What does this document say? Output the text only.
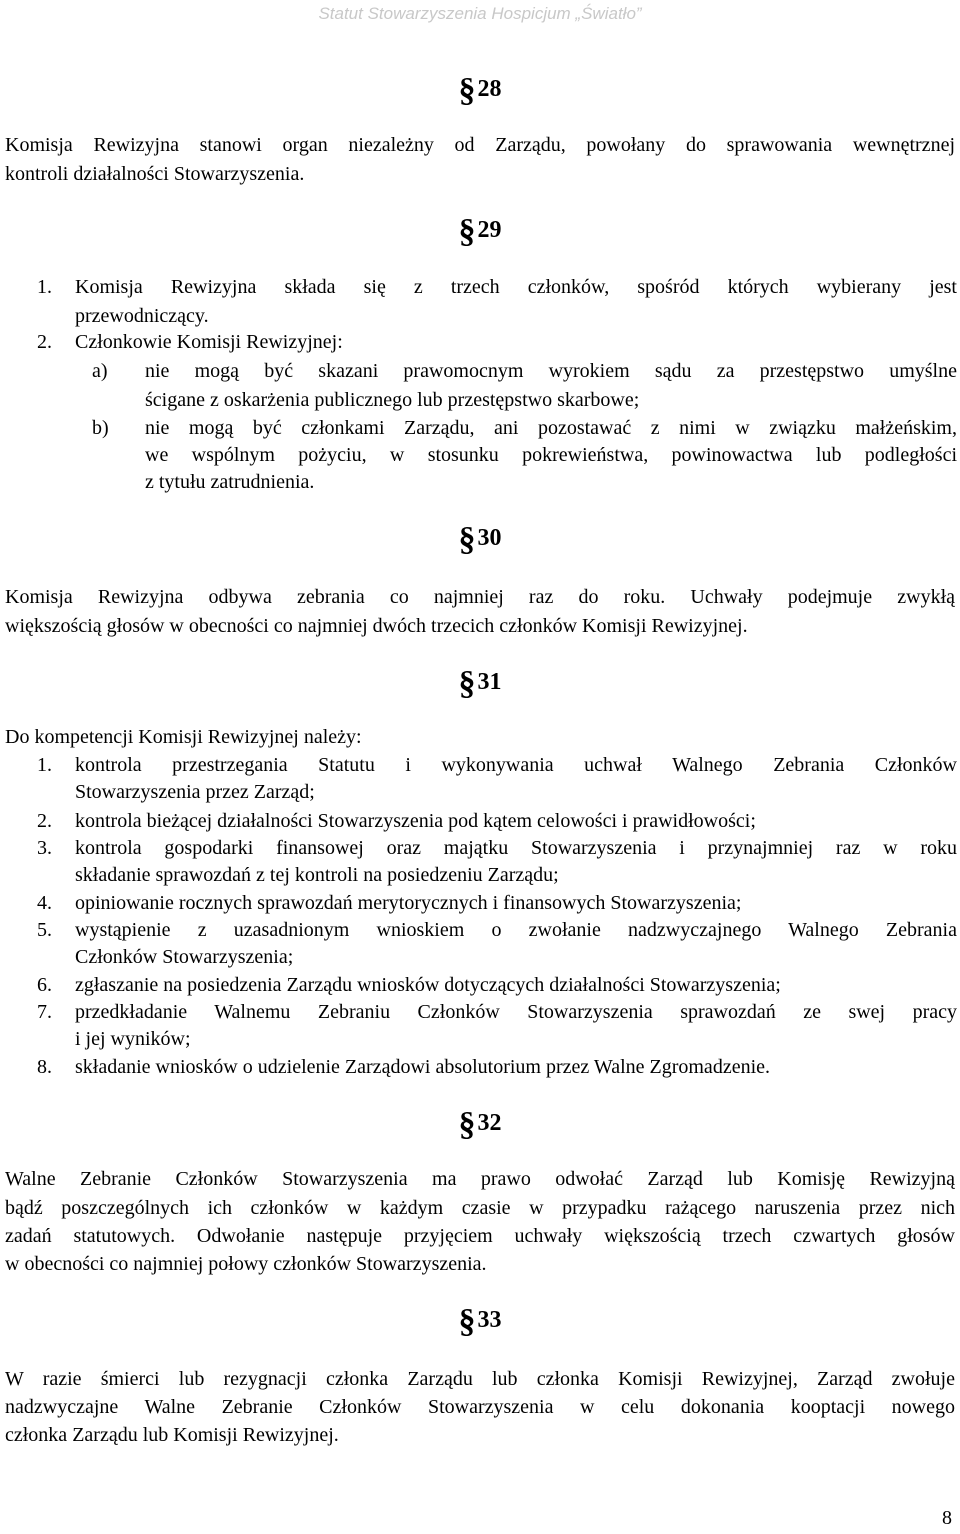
Statut Stowarzyszenia Hospicjum „Światło”
§28
Komisja Rewizyjna stanowi organ niezależny od Zarządu, powołany do sprawowania wewnętrznej
kontroli działalności Stowarzyszenia.
§29
1.	Komisja Rewizyjna składa się z trzech członków, spośród których wybierany jest
przewodniczący.
2.	Członkowie Komisji Rewizyjnej:
a)	nie mogą być skazani prawomocnym wyrokiem sądu za przestępstwo umyślne
ścigane z oskarżenia publicznego lub przestępstwo skarbowe;
b)	nie mogą być członkami Zarządu, ani pozostawać z nimi w związku małżeńskim,
we wspólnym pożyciu, w stosunku pokrewieństwa, powinowactwa lub podległości
z tytułu zatrudnienia.
§30
Komisja Rewizyjna odbywa zebrania co najmniej raz do roku. Uchwały podejmuje zwykłą
większością głosów w obecności co najmniej dwóch trzecich członków Komisji Rewizyjnej.
§31
Do kompetencji Komisji Rewizyjnej należy:
1.	kontrola przestrzegania Statutu i wykonywania uchwał Walnego Zebrania Członków
Stowarzyszenia przez Zarząd;
2.	kontrola bieżącej działalności Stowarzyszenia pod kątem celowości i prawidłowości;
3.	kontrola gospodarki finansowej oraz majątku Stowarzyszenia i przynajmniej raz w roku
składanie sprawozdań z tej kontroli na posiedzeniu Zarządu;
4.	opiniowanie rocznych sprawozdań merytorycznych i finansowych Stowarzyszenia;
5.	wystąpienie z uzasadnionym wnioskiem o zwołanie nadzwyczajnego Walnego Zebrania
Członków Stowarzyszenia;
6.	zgłaszanie na posiedzenia Zarządu wniosków dotyczących działalności Stowarzyszenia;
7.	przedkładanie Walnemu Zebraniu Członków Stowarzyszenia sprawozdań ze swej pracy
i jej wyników;
8.	składanie wniosków o udzielenie Zarządowi absolutorium przez Walne Zgromadzenie.
§32
Walne Zebranie Członków Stowarzyszenia ma prawo odwołać Zarząd lub Komisję Rewizyjną
bądź poszczególnych ich członków w każdym czasie w przypadku rażącego naruszenia przez nich
zadań statutowych. Odwołanie następuje przyjęciem uchwały większością trzech czwartych głosów
w obecności co najmniej połowy członków Stowarzyszenia.
§33
W razie śmierci lub rezygnacji członka Zarządu lub członka Komisji Rewizyjnej, Zarząd zwołuje
nadzwyczajne Walne Zebranie Członków Stowarzyszenia w celu dokonania kooptacji nowego
członka Zarządu lub Komisji Rewizyjnej.
8
